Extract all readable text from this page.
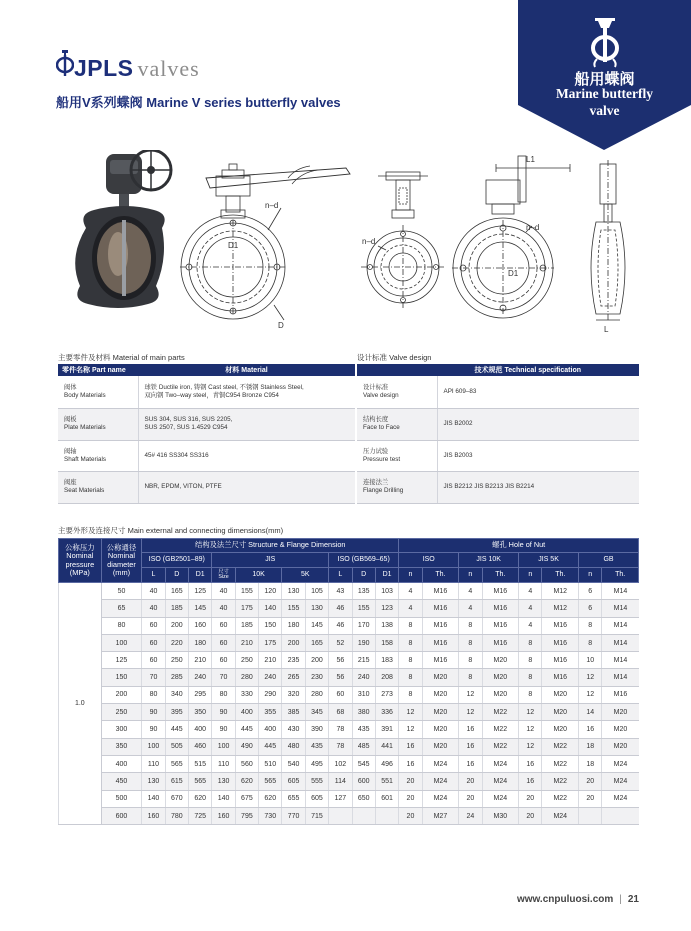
JPLS valves
船用V系列蝶阀 Marine V series butterfly valves
船用蝶阀
Marine butterfly
valve
n–d
D1
D
n–d
L1
n–d
D1
L
主要零件及材料 Material of main parts	设计标准 Valve design
零件名称 Part name	材料 Material

阀体
Body Materials	球铁 Ductile iron, 铸钢 Cast steel, 不锈钢 Stainless Steel,
双向钢 Two–way steel，青铜C954 Bronze C954

阀板
Plate Materials	SUS 304, SUS 316, SUS 2205,
SUS 2507, SUS 1.4529 C954

阀轴
Shaft Materials	45# 416 SS304 SS316

阀座
Seat Materials	NBR, EPDM, VITON, PTFE
技术规范 Technical specification	

设计标准
Valve design	API 609–83

结构长度
Face to Face	JIS B2002

压力试验
Pressure test	JIS B2003

连接法兰
Flange Drilling	JIS B2212 JIS B2213 JIS B2214
主要外形及连接尺寸 Main external and connecting dimensions(mm)
公称压力
Nominal
pressure
(MPa)	公称通径
Nominal
diameter
(mm)	结构及法兰尺寸 Structure & Flange Dimension											螺孔 Hole of Nut							
		ISO (GB2501–89)			JIS					ISO (GB569–65)			ISO		JIS 10K		JIS 5K		GB	
		L	D	D1	尺寸
Size	10K		5K		L	D	D1	n	Th.	n	Th.	n	Th.	n	Th.
1.0	50	40	165	125	40	155	120	130	105	43	135	103	4	M16	4	M16	4	M12	6	M14
	65	40	185	145	40	175	140	155	130	46	155	123	4	M16	4	M16	4	M12	6	M14
	80	60	200	160	60	185	150	180	145	46	170	138	8	M16	8	M16	4	M16	8	M14
	100	60	220	180	60	210	175	200	165	52	190	158	8	M16	8	M16	8	M16	8	M14
	125	60	250	210	60	250	210	235	200	56	215	183	8	M16	8	M20	8	M16	10	M14
	150	70	285	240	70	280	240	265	230	56	240	208	8	M20	8	M20	8	M16	12	M14
	200	80	340	295	80	330	290	320	280	60	310	273	8	M20	12	M20	8	M20	12	M16
	250	90	395	350	90	400	355	385	345	68	380	336	12	M20	12	M22	12	M20	14	M20
	300	90	445	400	90	445	400	430	390	78	435	391	12	M20	16	M22	12	M20	16	M20
	350	100	505	460	100	490	445	480	435	78	485	441	16	M20	16	M22	12	M22	18	M20
	400	110	565	515	110	560	510	540	495	102	545	496	16	M24	16	M24	16	M22	18	M24
	450	130	615	565	130	620	565	605	555	114	600	551	20	M24	20	M24	16	M22	20	M24
	500	140	670	620	140	675	620	655	605	127	650	601	20	M24	20	M24	20	M22	20	M24
	600	160	780	725	160	795	730	770	715				20	M27	24	M30	20	M24		
www.cnpuluosi.com | 21
